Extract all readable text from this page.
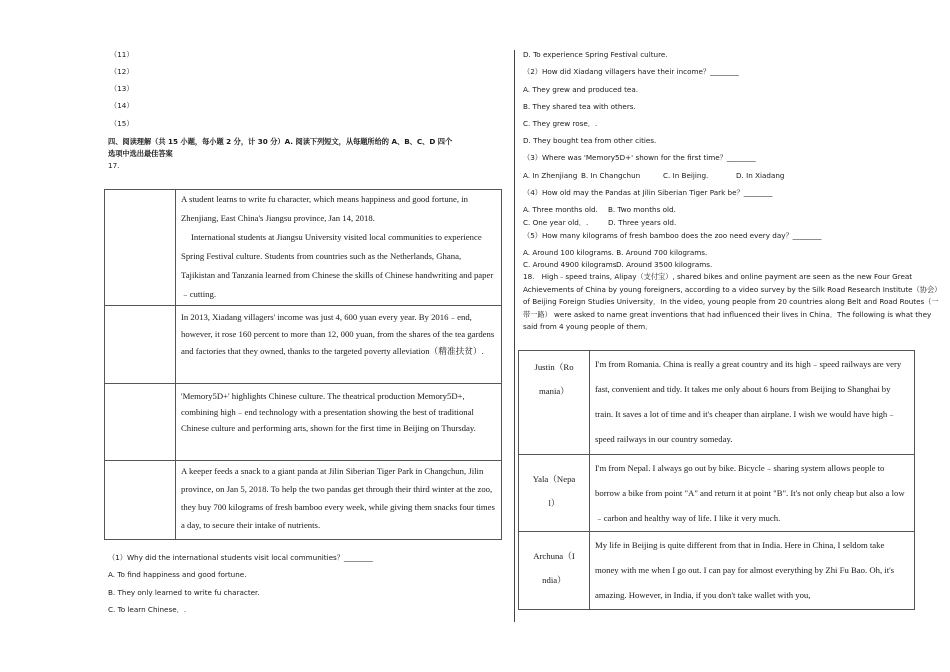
（11）
（12）
（13）
（14）
（15）
四、阅读理解（共 15 小题，每小题 2 分，计 30 分）A. 阅读下列短文，从每题所给的 A、B、C、D 四个
选项中选出最佳答案
17.

	A student learns to write fu character, which means happiness and good fortune, in Zhenjiang, East China's Jiangsu province, Jan 14, 2018.

International students at Jiangsu University visited local communities to experience Spring Festival culture. Students from countries such as the Netherlands, Ghana, Tajikistan and Tanzania learned from Chinese the skills of Chinese handwriting and paper﹣cutting.

	In 2013, Xiadang villagers' income was just 4, 600 yuan every year. By 2016﹣end, however, it rose 160 percent to more than 12, 000 yuan, from the shares of the tea gardens and factories that they owned, thanks to the targeted poverty alleviation（精准扶贫）.

	'Memory5D+' highlights Chinese culture. The theatrical production Memory5D+, combining high﹣end technology with a presentation showing the best of traditional Chinese culture and performing arts, shown for the first time in Beijing on Thursday.

	A keeper feeds a snack to a giant panda at Jilin Siberian Tiger Park in Changchun, Jilin province, on Jan 5, 2018. To help the two pandas get through their third winter at the zoo, they buy 700 kilograms of fresh bamboo every week, while giving them snacks four times a day, to secure their intake of nutrients.

（1）Why did the international students visit local communities？________
A. To find happiness and good fortune.
B. They only learned to write fu character.
C. To learn Chinese．.
D. To experience Spring Festival culture.
（2）How did Xiadang villagers have their income？________
A. They grew and produced tea.
B. They shared tea with others.
C. They grew rose．.
D. They bought tea from other cities.
（3）Where was 'Memory5D+' shown for the first time？________
A. In Zhenjiang B. In Changchun	C. In Beijing.	D. In Xiadang
（4）How old may the Pandas at Jilin Siberian Tiger Park be？________
A. Three months old. B. Two months old.
C. One year old．.	D. Three years old.
（5）How many kilograms of fresh bamboo does the zoo need every day？________
A. Around 100 kilograms. B. Around 700 kilograms.
C. Around 4900 kilograms.
D. Around 3500 kilograms.
18.　High﹣speed trains, Alipay（支付宝）, shared bikes and online payment are seen as the new Four Great
Achievements of China by young foreigners, according to a video survey by the Silk Road Research Institute（协会）
of Beijing Foreign Studies University．In the video, young people from 20 countries along Belt and Road Routes（一
带一路） were asked to name great inventions that had influenced their lives in China．The following is what they
said from 4 young people of them．
Justin（Ro
mania）	I'm from Romania. China is really a great country and its high﹣speed railways are very fast, convenient and tidy. It takes me only about 6 hours from Beijing to Shanghai by train. It saves a lot of time and it's cheaper than airplane. I wish we would have high﹣speed railways in our country someday.

Yala（Nepa
l）	I'm from Nepal. I always go out by bike. Bicycle﹣sharing system allows people to borrow a bike from point "A" and return it at point "B". It's not only cheap but also a low﹣carbon and healthy way of life. I like it very much.

Archuna（I
ndia）	My life in Beijing is quite different from that in India. Here in China, I seldom take money with me when I go out. I can pay for almost everything by Zhi Fu Bao. Oh, it's amazing. However, in India, if you don't take wallet with you,
